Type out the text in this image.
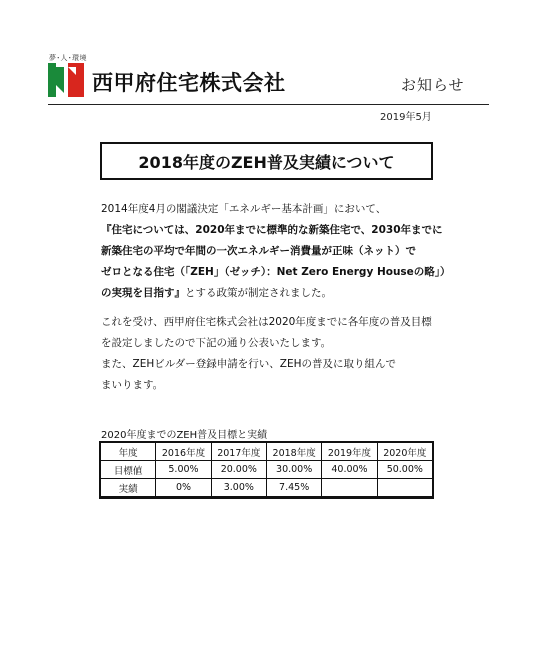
夢･人･環境
西甲府住宅株式会社	お知らせ
2019年5月
2018年度のZEH普及実績について
2014年度4月の閣議決定「エネルギー基本計画」において、
『住宅については、2020年までに標準的な新築住宅で、2030年までに
新築住宅の平均で年間の一次エネルギー消費量が正味（ネット）で
ゼロとなる住宅（「ZEH」（ゼッチ）：Net Zero Energy Houseの略」）
の実現を目指す』とする政策が制定されました。
これを受け、西甲府住宅株式会社は2020年度までに各年度の普及目標
を設定しましたので下記の通り公表いたします。
また、ZEHビルダー登録申請を行い、ZEHの普及に取り組んで
まいります。
2020年度までのZEH普及目標と実績
年度	2016年度	2017年度	2018年度	2019年度	2020年度
目標値	5.00%	20.00%	30.00%	40.00%	50.00%
実績	0%	3.00%	7.45%		
